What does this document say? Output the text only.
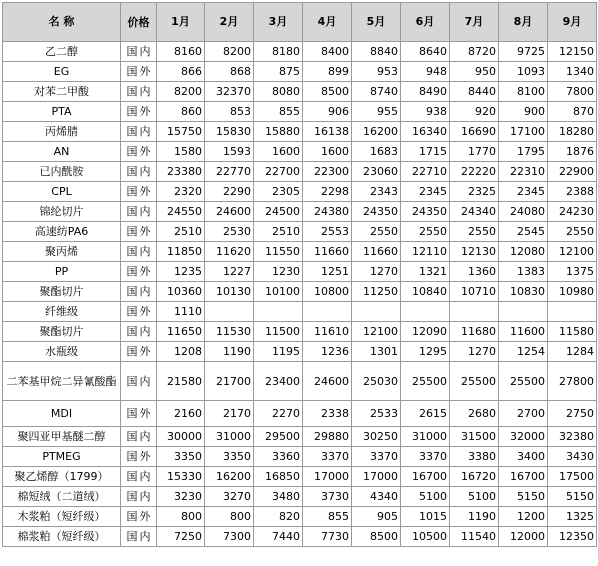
名 称	价格	1月	2月	3月	4月	5月	6月	7月	8月	9月
乙二醇	国 内	8160	8200	8180	8400	8840	8640	8720	9725	12150
EG	国 外	866	868	875	899	953	948	950	1093	1340
对苯二甲酸	国 内	8200	32370	8080	8500	8740	8490	8440	8100	7800
PTA	国 外	860	853	855	906	955	938	920	900	870
丙烯腈	国 内	15750	15830	15880	16138	16200	16340	16690	17100	18280
AN	国 外	1580	1593	1600	1600	1683	1715	1770	1795	1876
已内酰胺	国 内	23380	22770	22700	22300	23060	22710	22220	22310	22900
CPL	国 外	2320	2290	2305	2298	2343	2345	2325	2345	2388
锦纶切片	国 内	24550	24600	24500	24380	24350	24350	24340	24080	24230
高速纺PA6	国 外	2510	2530	2510	2553	2550	2550	2550	2545	2550
聚丙烯	国 内	11850	11620	11550	11660	11660	12110	12130	12080	12100
PP	国 外	1235	1227	1230	1251	1270	1321	1360	1383	1375
聚酯切片	国 内	10360	10130	10100	10800	11250	10840	10710	10830	10980
纤维级	国 外	1110								
聚酯切片	国 内	11650	11530	11500	11610	12100	12090	11680	11600	11580
水瓶级	国 外	1208	1190	1195	1236	1301	1295	1270	1254	1284
二苯基甲烷二异氰酸酯	国 内	21580	21700	23400	24600	25030	25500	25500	25500	27800
MDI	国 外	2160	2170	2270	2338	2533	2615	2680	2700	2750
聚四亚甲基醚二醇	国 内	30000	31000	29500	29880	30250	31000	31500	32000	32380
PTMEG	国 外	3350	3350	3360	3370	3370	3370	3380	3400	3430
聚乙烯醇（1799）	国 内	15330	16200	16850	17000	17000	16700	16720	16700	17500
棉短绒（二道绒）	国 内	3230	3270	3480	3730	4340	5100	5100	5150	5150
木浆粕（短纤级）	国 外	800	800	820	855	905	1015	1190	1200	1325
棉浆粕（短纤级）	国 内	7250	7300	7440	7730	8500	10500	11540	12000	12350
